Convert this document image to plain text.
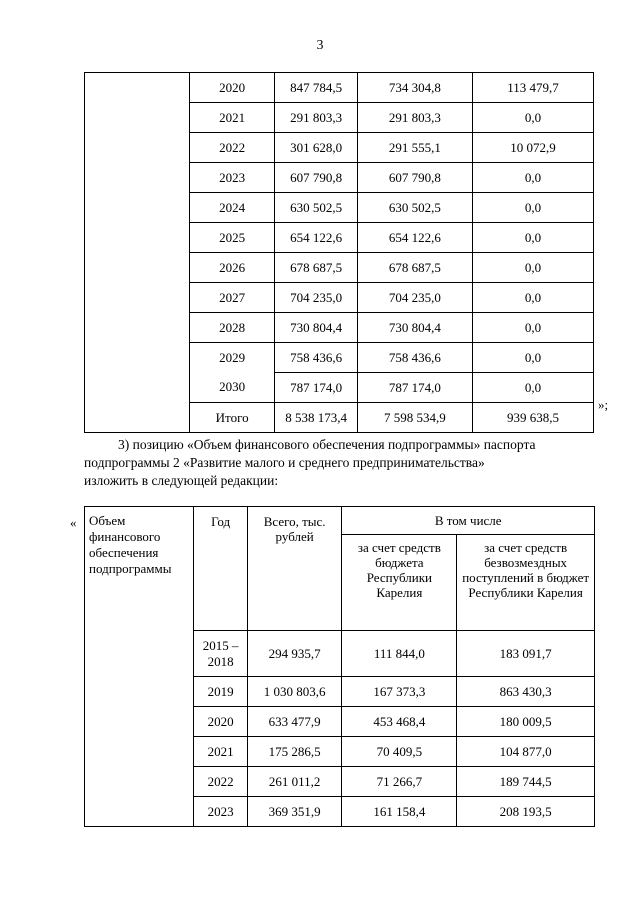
3
	2020	847 784,5	734 304,8	113 479,7
	2021	291 803,3	291 803,3	0,0
	2022	301 628,0	291 555,1	10 072,9
	2023	607 790,8	607 790,8	0,0
	2024	630 502,5	630 502,5	0,0
	2025	654 122,6	654 122,6	0,0
	2026	678 687,5	678 687,5	0,0
	2027	704 235,0	704 235,0	0,0
	2028	730 804,4	730 804,4	0,0
	2029	758 436,6	758 436,6	0,0
	2030	787 174,0	787 174,0	0,0
	Итого	8 538 173,4	7 598 534,9	939 638,5
»;
3) позицию «Объем финансового обеспечения подпрограммы» паспорта
подпрограммы 2 «Развитие малого и среднего предпринимательства»
изложить в следующей редакции:
« Объем финансового обеспечения подпрограммы	Год	Всего, тыс. рублей	В том числе	
			за счет средств бюджета Республики Карелия	за счет средств безвозмездных поступлений в бюджет Республики Карелия
	2015 – 2018	294 935,7	111 844,0	183 091,7
	2019	1 030 803,6	167 373,3	863 430,3
	2020	633 477,9	453 468,4	180 009,5
	2021	175 286,5	70 409,5	104 877,0
	2022	261 011,2	71 266,7	189 744,5
	2023	369 351,9	161 158,4	208 193,5
